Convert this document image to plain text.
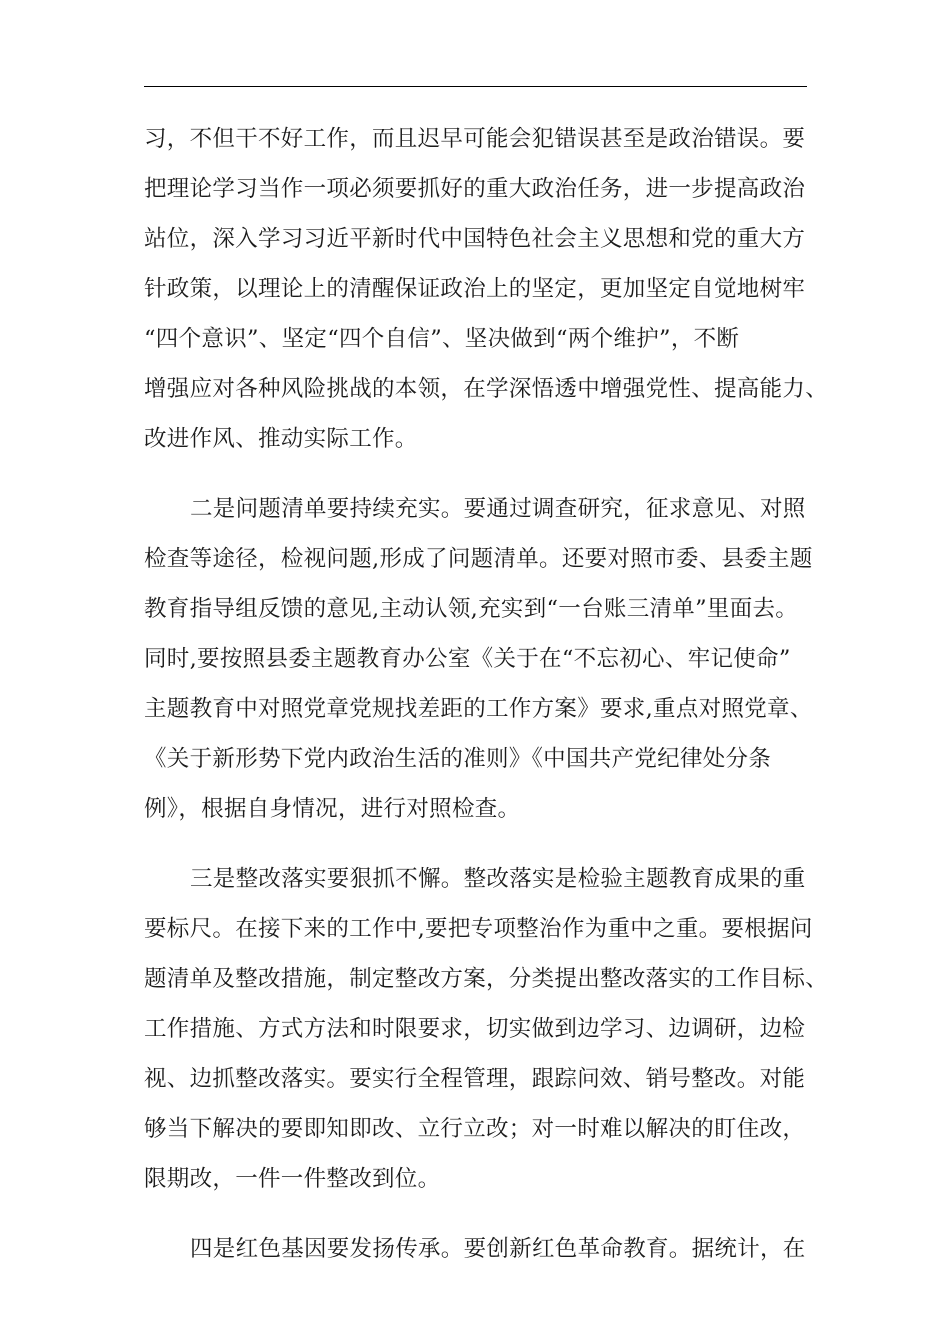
习，不但干不好工作，而且迟早可能会犯错误甚至是政治错误。要
把理论学习当作一项必须要抓好的重大政治任务，进一步提高政治
站位，深入学习习近平新时代中国特色社会主义思想和党的重大方
针政策，以理论上的清醒保证政治上的坚定，更加坚定自觉地树牢
“四个意识”、坚定“四个自信”、坚决做到“两个维护”，不断
增强应对各种风险挑战的本领，在学深悟透中增强党性、提高能力、
改进作风、推动实际工作。
二是问题清单要持续充实。要通过调查研究，征求意见、对照
检查等途径，检视问题,形成了问题清单。还要对照市委、县委主题
教育指导组反馈的意见,主动认领,充实到“一台账三清单”里面去。
同时,要按照县委主题教育办公室《关于在“不忘初心、牢记使命”
主题教育中对照党章党规找差距的工作方案》要求,重点对照党章、
《关于新形势下党内政治生活的准则》《中国共产党纪律处分条
例》，根据自身情况，进行对照检查。
三是整改落实要狠抓不懈。整改落实是检验主题教育成果的重
要标尺。在接下来的工作中,要把专项整治作为重中之重。要根据问
题清单及整改措施，制定整改方案，分类提出整改落实的工作目标、
工作措施、方式方法和时限要求，切实做到边学习、边调研，边检
视、边抓整改落实。要实行全程管理，跟踪问效、销号整改。对能
够当下解决的要即知即改、立行立改；对一时难以解决的盯住改，
限期改，一件一件整改到位。
四是红色基因要发扬传承。要创新红色革命教育。据统计，在
